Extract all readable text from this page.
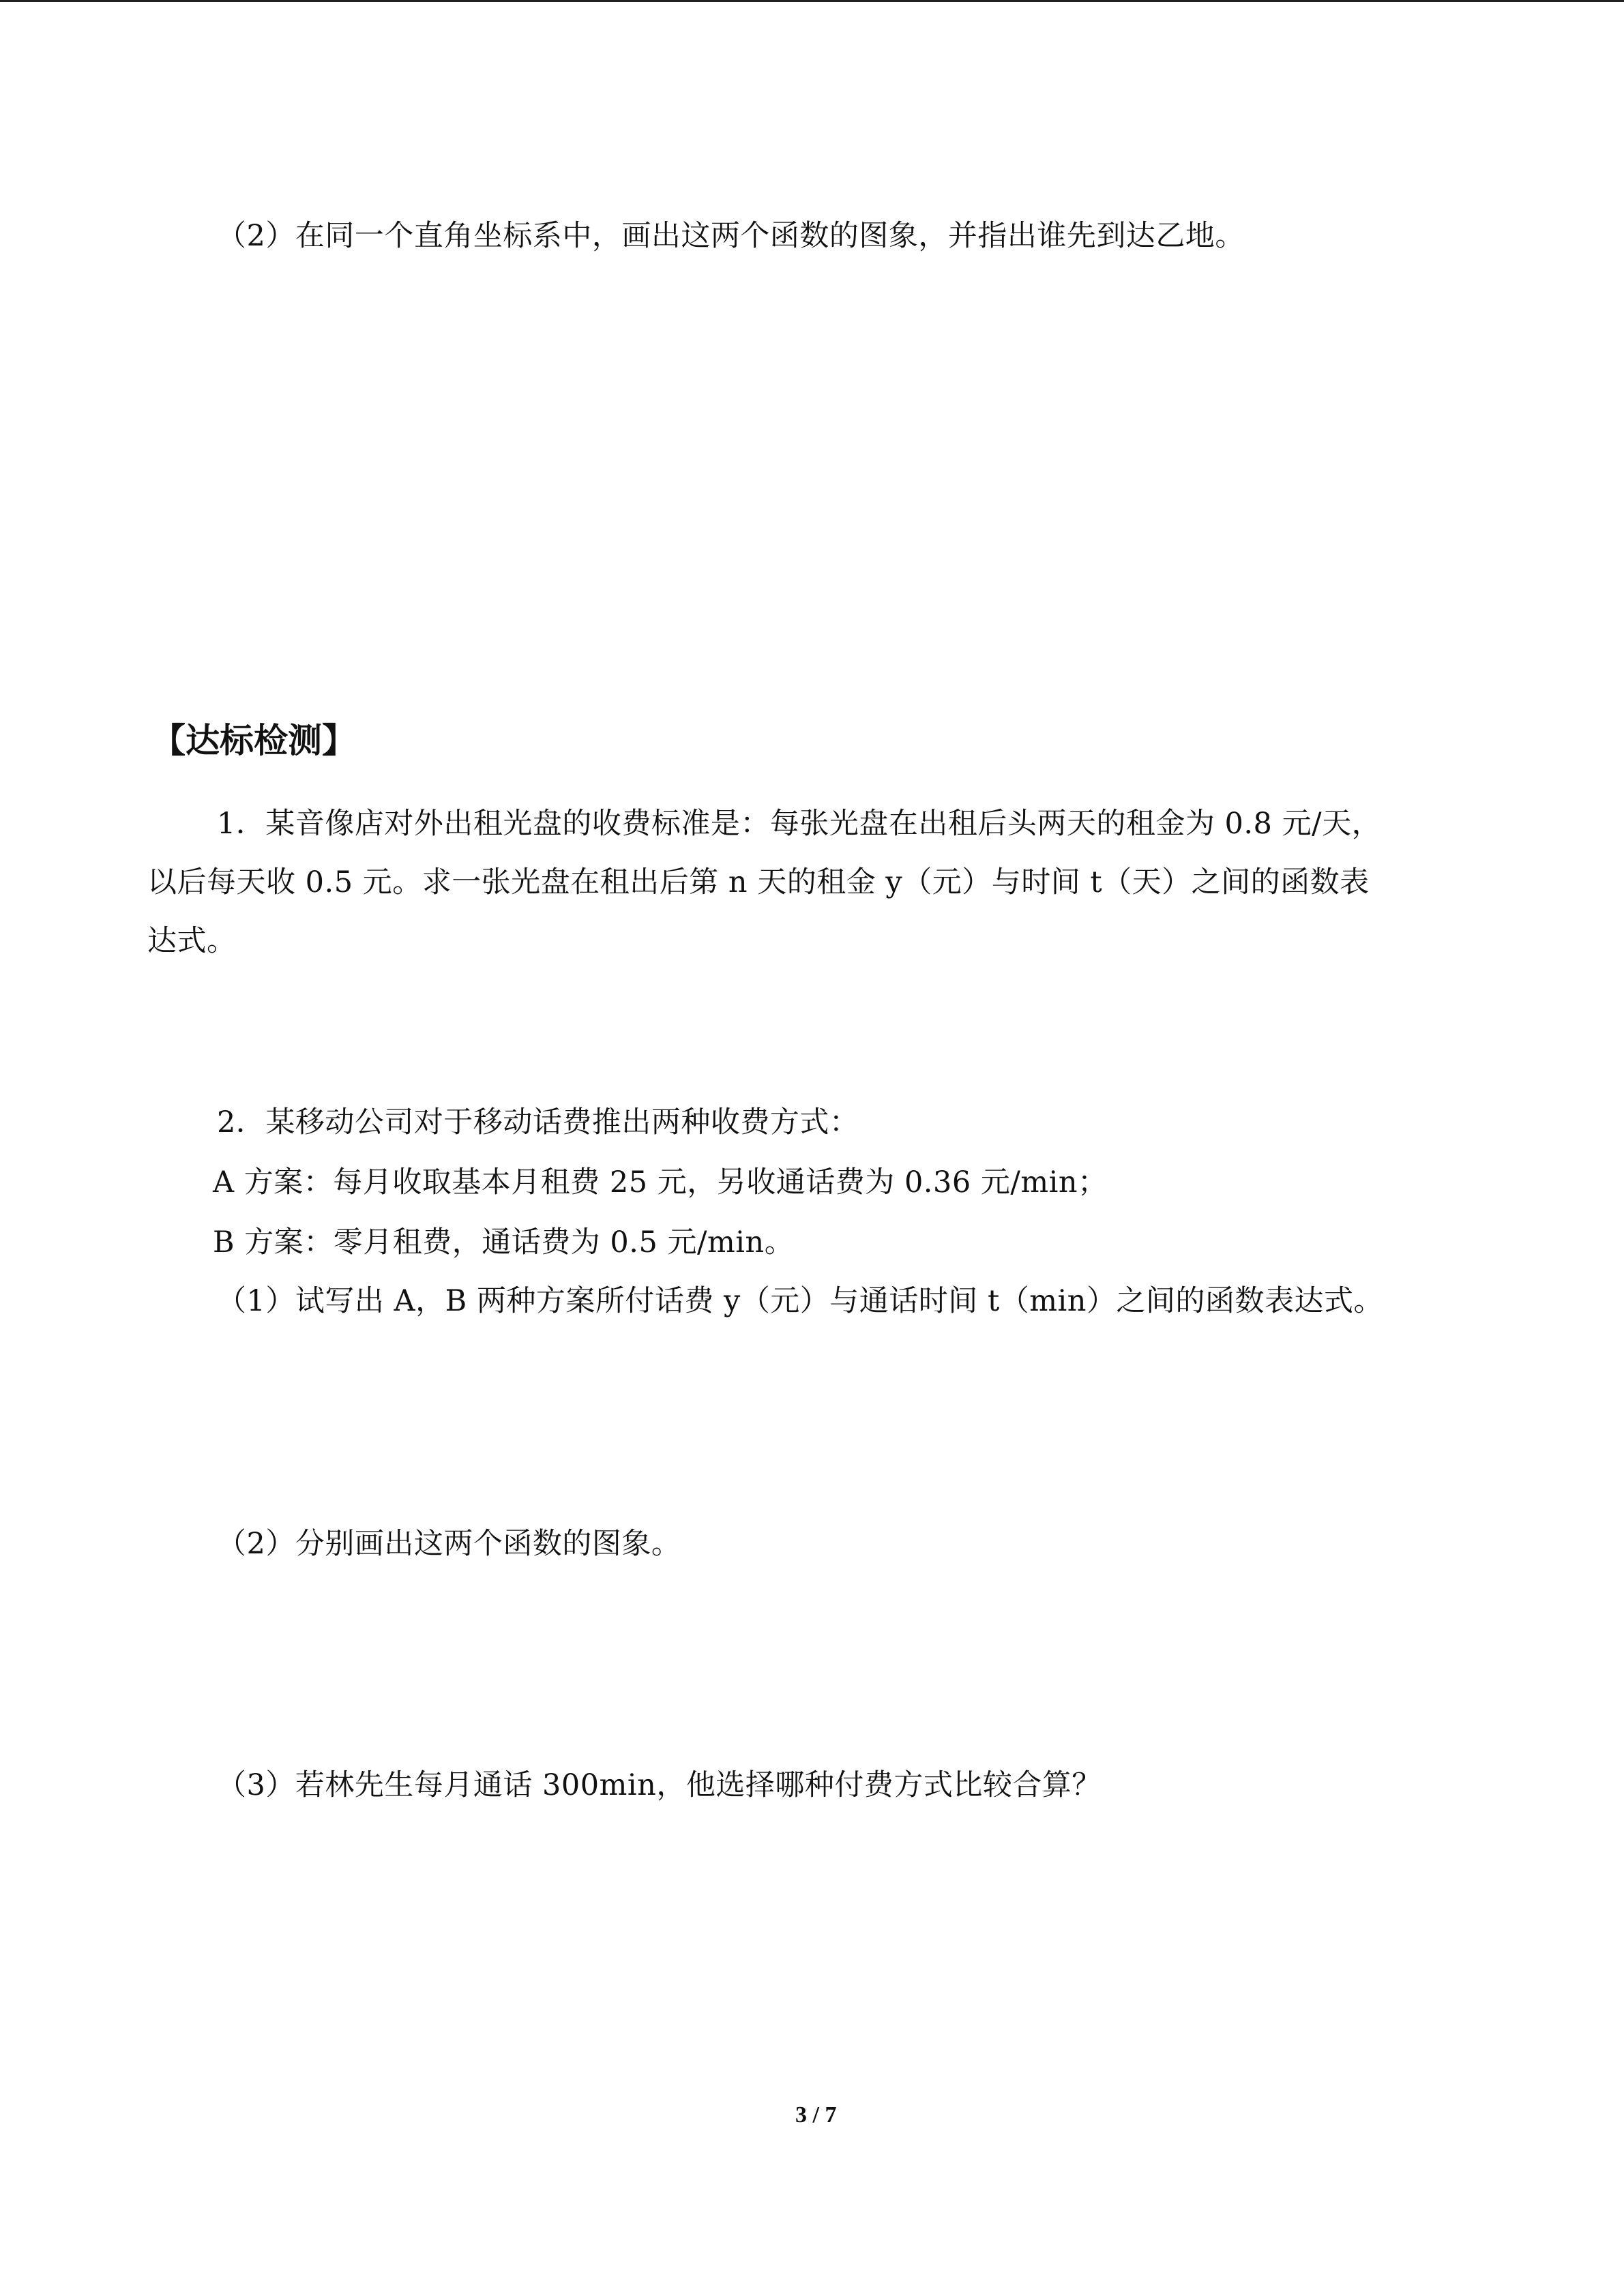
（2）在同一个直角坐标系中，画出这两个函数的图象，并指出谁先到达乙地。
【达标检测】
1．某音像店对外出租光盘的收费标准是：每张光盘在出租后头两天的租金为 0.8 元/天，
以后每天收 0.5 元。求一张光盘在租出后第 n 天的租金 y（元）与时间 t（天）之间的函数表
达式。
2．某移动公司对于移动话费推出两种收费方式：
A 方案：每月收取基本月租费 25 元，另收通话费为 0.36 元/min；
B 方案：零月租费，通话费为 0.5 元/min。
（1）试写出 A，B 两种方案所付话费 y（元）与通话时间 t（min）之间的函数表达式。
（2）分别画出这两个函数的图象。
（3）若林先生每月通话 300min，他选择哪种付费方式比较合算？
3 / 7
